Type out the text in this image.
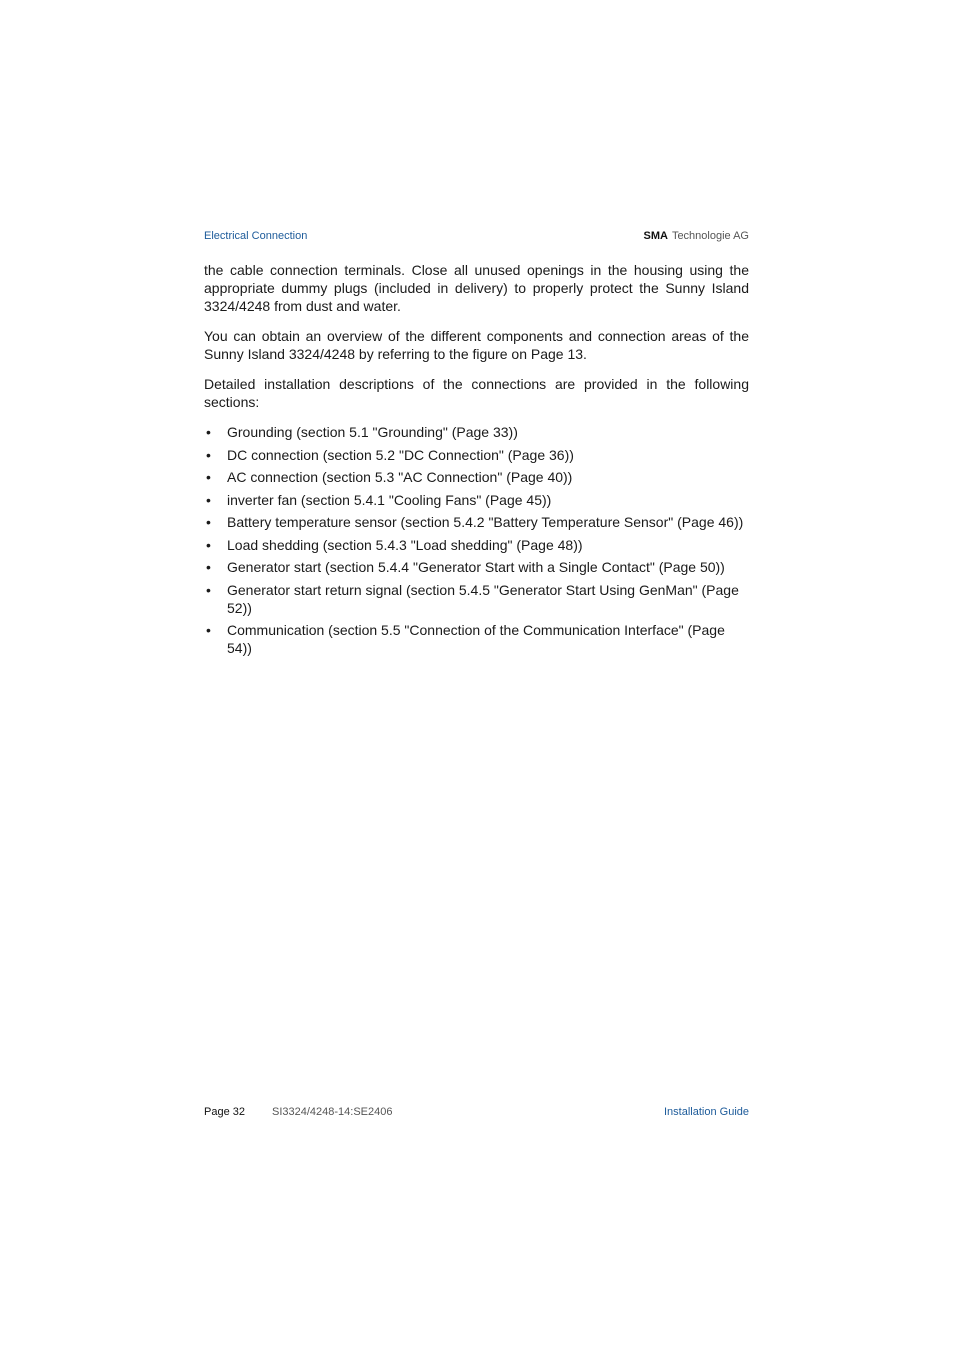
Electrical Connection	SMA Technologie AG

the cable connection terminals. Close all unused openings in the housing using the appropriate dummy plugs (included in delivery) to properly protect the Sunny Island 3324/4248 from dust and water.

You can obtain an overview of the different components and connection areas of the Sunny Island 3324/4248 by referring to the figure on Page 13.

Detailed installation descriptions of the connections are provided in the following sections:

• Grounding (section 5.1 "Grounding" (Page 33))
• DC connection (section 5.2 "DC Connection" (Page 36))
• AC connection (section 5.3 "AC Connection" (Page 40))
• inverter fan (section 5.4.1 "Cooling Fans" (Page 45))
• Battery temperature sensor (section 5.4.2 "Battery Temperature Sensor" (Page 46))
• Load shedding (section 5.4.3 "Load shedding" (Page 48))
• Generator start (section 5.4.4 "Generator Start with a Single Contact" (Page 50))
• Generator start return signal (section 5.4.5 "Generator Start Using GenMan" (Page 52))
• Communication (section 5.5 "Connection of the Communication Interface" (Page 54))
Page 32 SI3324/4248-14:SE2406	Installation Guide
